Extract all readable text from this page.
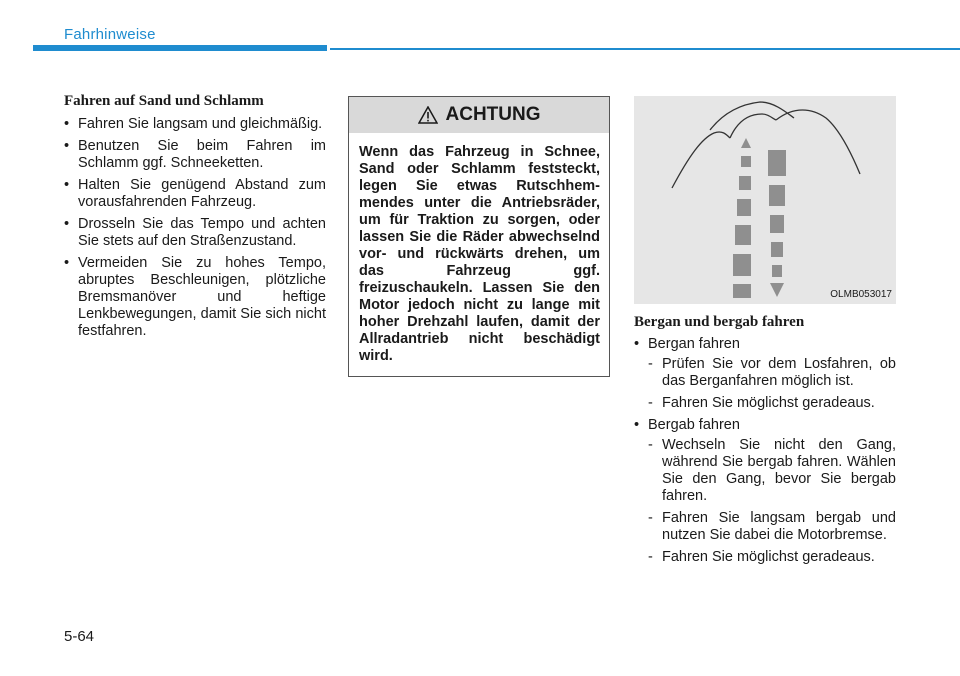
Fahrhinweise
Fahren auf Sand und Schlamm
• Fahren Sie langsam und gleichmäßig.
• Benutzen Sie beim Fahren im Schlamm ggf. Schneeketten.
• Halten Sie genügend Abstand zum vorausfahrenden Fahrzeug.
• Drosseln Sie das Tempo und achten Sie stets auf den Straßenzustand.
• Vermeiden Sie zu hohes Tempo, abruptes Beschleunigen, plötzliche Bremsmanöver und heftige Lenkbewegungen, damit Sie sich nicht festfahren.
ACHTUNG
Wenn das Fahrzeug in Schnee, Sand oder Schlamm feststeckt, legen Sie etwas Rutschhemmendes unter die Antriebsräder, um für Traktion zu sorgen, oder lassen Sie die Räder abwechselnd vor- und rückwärts drehen, um das Fahrzeug ggf. freizuschaukeln. Lassen Sie den Motor jedoch nicht zu lange mit hoher Drehzahl laufen, damit der Allradantrieb nicht beschädigt wird.
OLMB053017
Bergan und bergab fahren
• Bergan fahren
- Prüfen Sie vor dem Losfahren, ob das Berganfahren möglich ist.
- Fahren Sie möglichst geradeaus.
• Bergab fahren
- Wechseln Sie nicht den Gang, während Sie bergab fahren. Wählen Sie den Gang, bevor Sie bergab fahren.
- Fahren Sie langsam bergab und nutzen Sie dabei die Motorbremse.
- Fahren Sie möglichst geradeaus.
5-64
